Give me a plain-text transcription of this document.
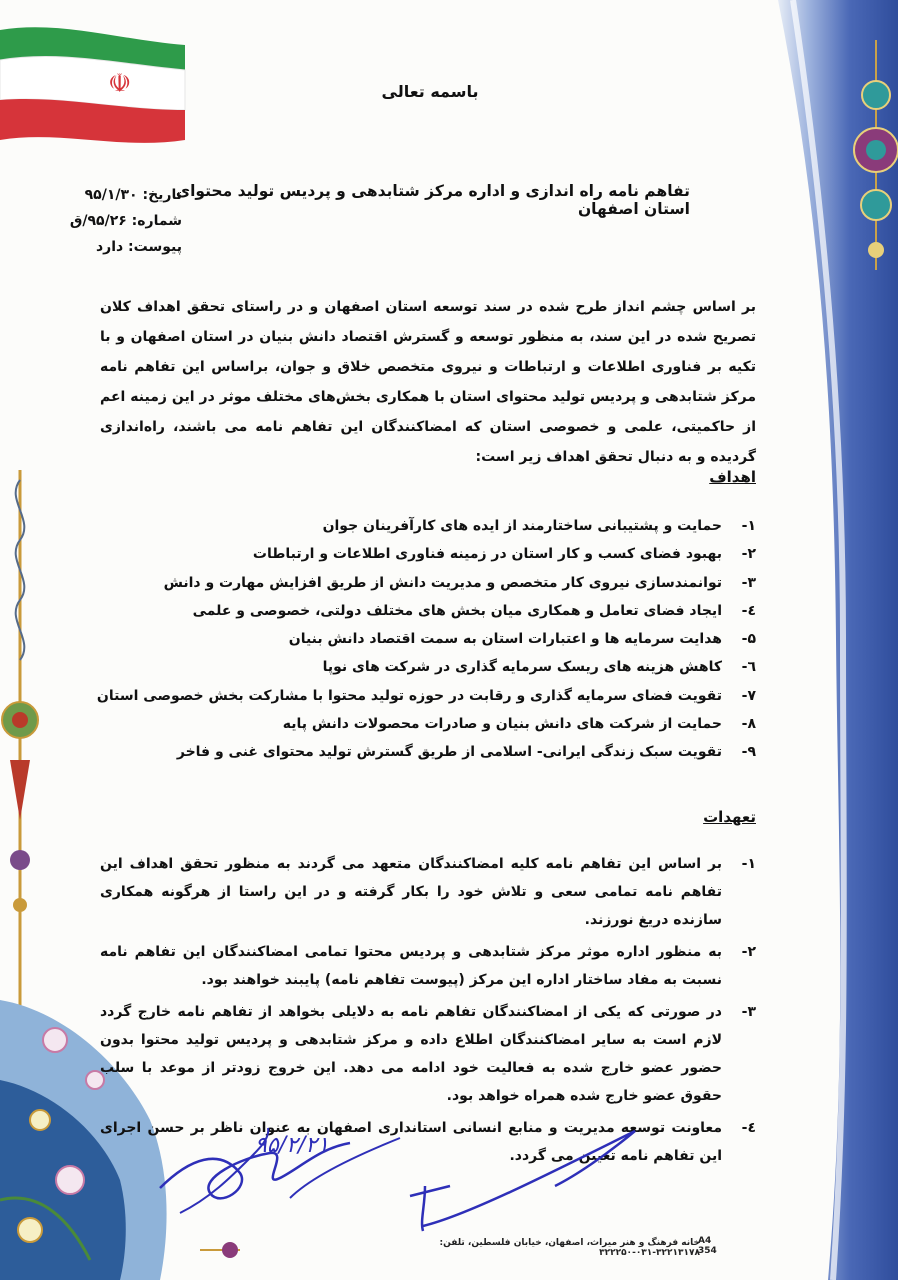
☫	باسمه تعالی
تفاهم نامه راه اندازی و اداره مرکز شتابدهی و پردیس تولید محتوای استان اصفهان
تاریخ: ۹۵/۱/۳۰
شماره: ۹۵/۲۶/ق
پیوست: دارد
بر اساس چشم انداز طرح شده در سند توسعه استان اصفهان و در راستای تحقق اهداف کلان تصریح شده در این سند، به منظور توسعه و گسترش اقتصاد دانش بنیان در استان اصفهان و با تکیه بر فناوری اطلاعات و ارتباطات و نیروی متخصص خلاق و جوان، براساس این تفاهم نامه مرکز شتابدهی و پردیس تولید محتوای استان با همکاری بخش‌های مختلف موثر در این زمینه اعم از حاکمیتی، علمی و خصوصی استان که امضاکنندگان این تفاهم نامه می باشند، راه‌اندازی گردیده و به دنبال تحقق اهداف زیر است:
اهداف
۱-حمایت و پشتیبانی ساختارمند از ایده های کارآفرینان جوان
۲-بهبود فضای کسب و کار استان در زمینه فناوری اطلاعات و ارتباطات
۳-توانمندسازی نیروی کار متخصص و مدیریت دانش از طریق افزایش مهارت و دانش
٤-ایجاد فضای تعامل و همکاری میان بخش های مختلف دولتی، خصوصی و علمی
۵-هدایت سرمایه ها و اعتبارات استان به سمت اقتصاد دانش بنیان
٦-کاهش هزینه های ریسک سرمایه گذاری در شرکت های نوپا
۷-تقویت فضای سرمایه گذاری و رقابت در حوزه تولید محتوا با مشارکت بخش خصوصی استان
۸-حمایت از شرکت های دانش بنیان و صادرات محصولات دانش پایه
۹-تقویت سبک زندگی ایرانی- اسلامی از طریق گسترش تولید محتوای غنی و فاخر
تعهدات
۱-
بر اساس این تفاهم نامه کلیه امضاکنندگان متعهد می گردند به منظور تحقق اهداف این تفاهم نامه تمامی سعی و تلاش خود را بکار گرفته و در این راستا از هرگونه همکاری سازنده دریغ نورزند.
۲-
به منظور اداره موثر مرکز شتابدهی و پردیس محتوا تمامی امضاکنندگان این تفاهم نامه نسبت به مفاد ساختار اداره این مرکز (پیوست تفاهم نامه) پایبند خواهند بود.
۳-
در صورتی که یکی از امضاکنندگان تفاهم نامه به دلایلی بخواهد از تفاهم نامه خارج گردد لازم است به سایر امضاکنندگان اطلاع داده و مرکز شتابدهی و پردیس تولید محتوا بدون حضور عضو خارج شده به فعالیت خود ادامه می دهد. این خروج زودتر از موعد با سلب حقوق عضو خارج شده همراه خواهد بود.
٤-
معاونت توسعه مدیریت و منابع انسانی استانداری اصفهان به عنوان ناظر بر حسن اجرای این تفاهم نامه تعیین می گردد.
۹۵/۲/۲۱
خانه فرهنگ و هنر میراث، اصفهان، خیابان فلسطین، تلفن: ۳۲۲۱۳۱۷۸-۰۳۱-۳۲۲۲۵۰
A4
354
